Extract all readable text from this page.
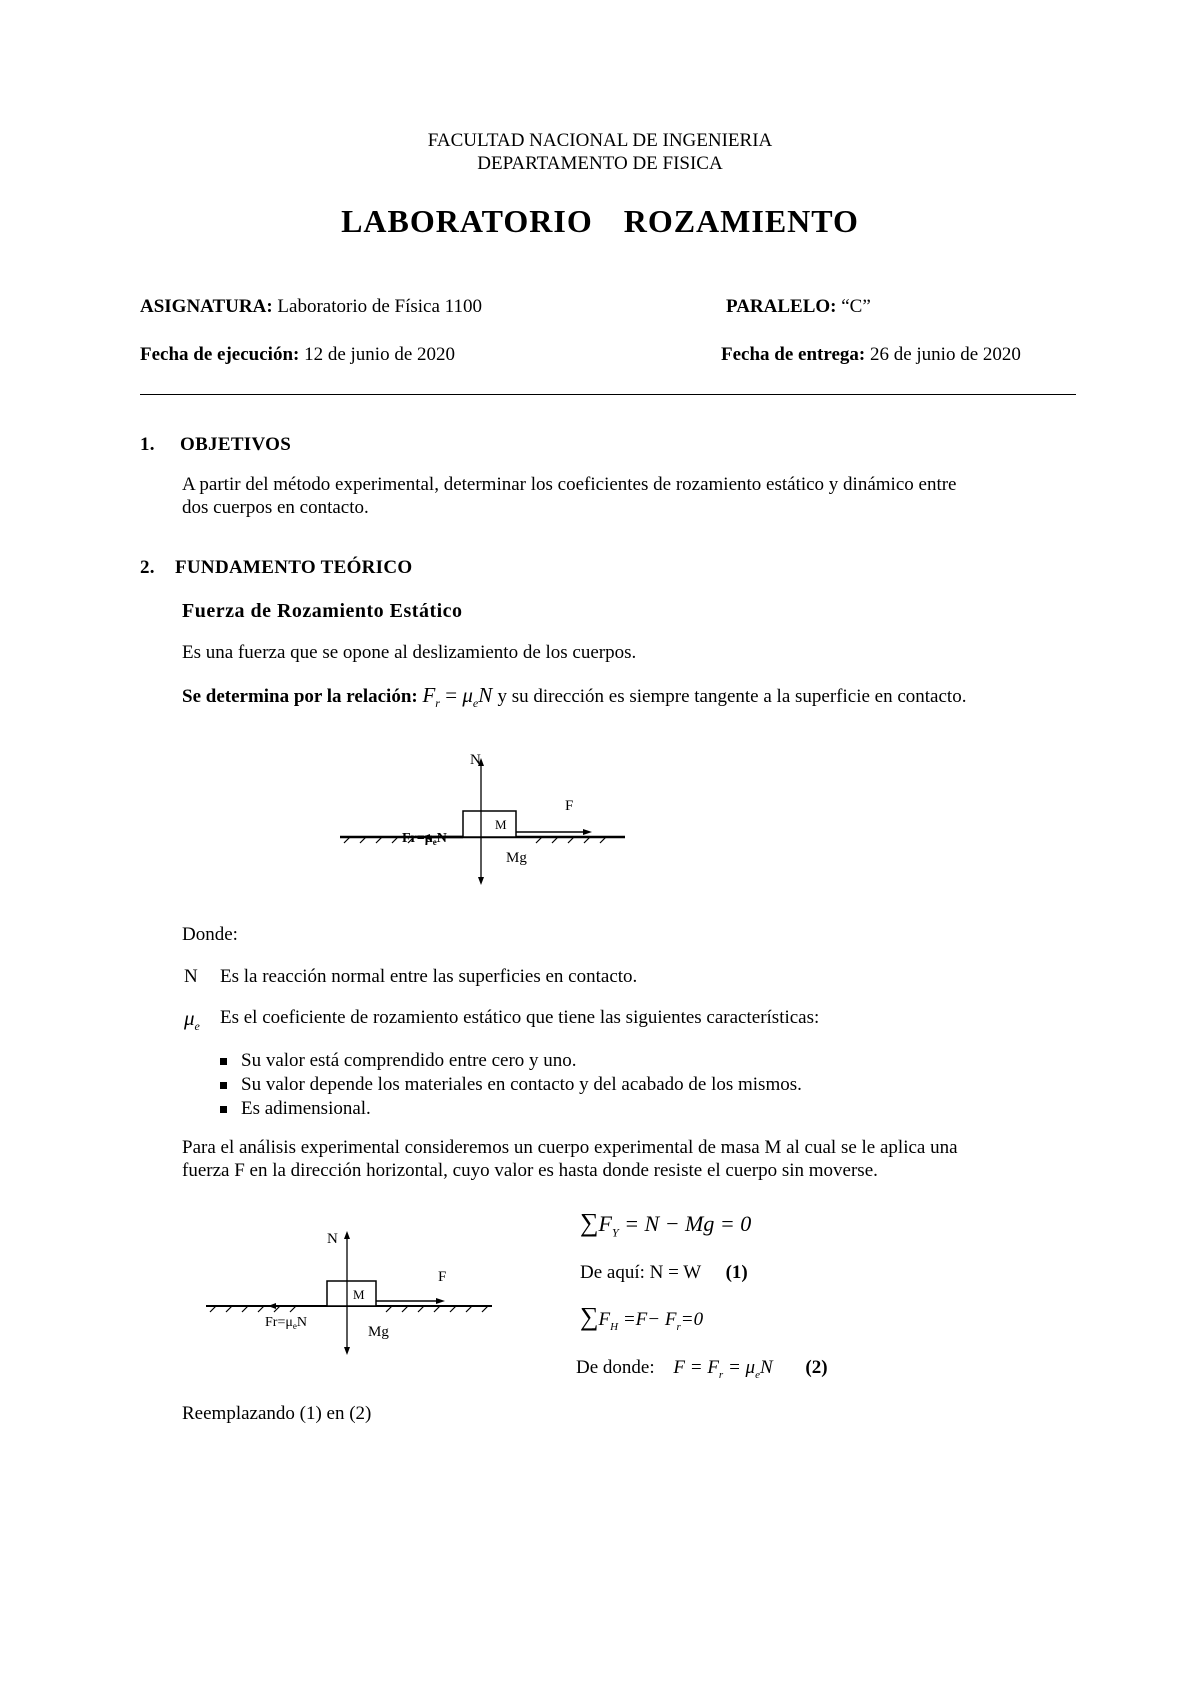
FACULTAD NACIONAL DE INGENIERIA
DEPARTAMENTO DE FISICA
LABORATORIO ROZAMIENTO
ASIGNATURA: Laboratorio de Física 1100	PARALELO: “C”
Fecha de ejecución: 12 de junio de 2020	Fecha de entrega: 26 de junio de 2020
1. OBJETIVOS
A partir del método experimental, determinar los coeficientes de rozamiento estático y dinámico entre
dos cuerpos en contacto.
2. FUNDAMENTO TEÓRICO
Fuerza de Rozamiento Estático
Es una fuerza que se opone al deslizamiento de los cuerpos.
Se determina por la relación: $F_r = \mu_eN$ y su dirección es siempre tangente a la superficie en contacto.
N
M
F
Mg
$Fr=\mu_eN$
Donde:
N Es la reacción normal entre las superficies en contacto.
$\mu_e$ Es el coeficiente de rozamiento estático que tiene las siguientes características:
Su valor está comprendido entre cero y uno.
Su valor depende los materiales en contacto y del acabado de los mismos.
Es adimensional.
Para el análisis experimental consideremos un cuerpo experimental de masa M al cual se le aplica una
fuerza F en la dirección horizontal, cuyo valor es hasta donde resiste el cuerpo sin moverse.
N
M
F
Mg
$Fr=\mu_eN$
$\sum F_Y = N - Mg = 0$
De aquí: N = W (1)
$\sum F_H =F- F_r=0$
De donde: $F = F_r = \mu_eN$ (2)
Reemplazando (1) en (2)
